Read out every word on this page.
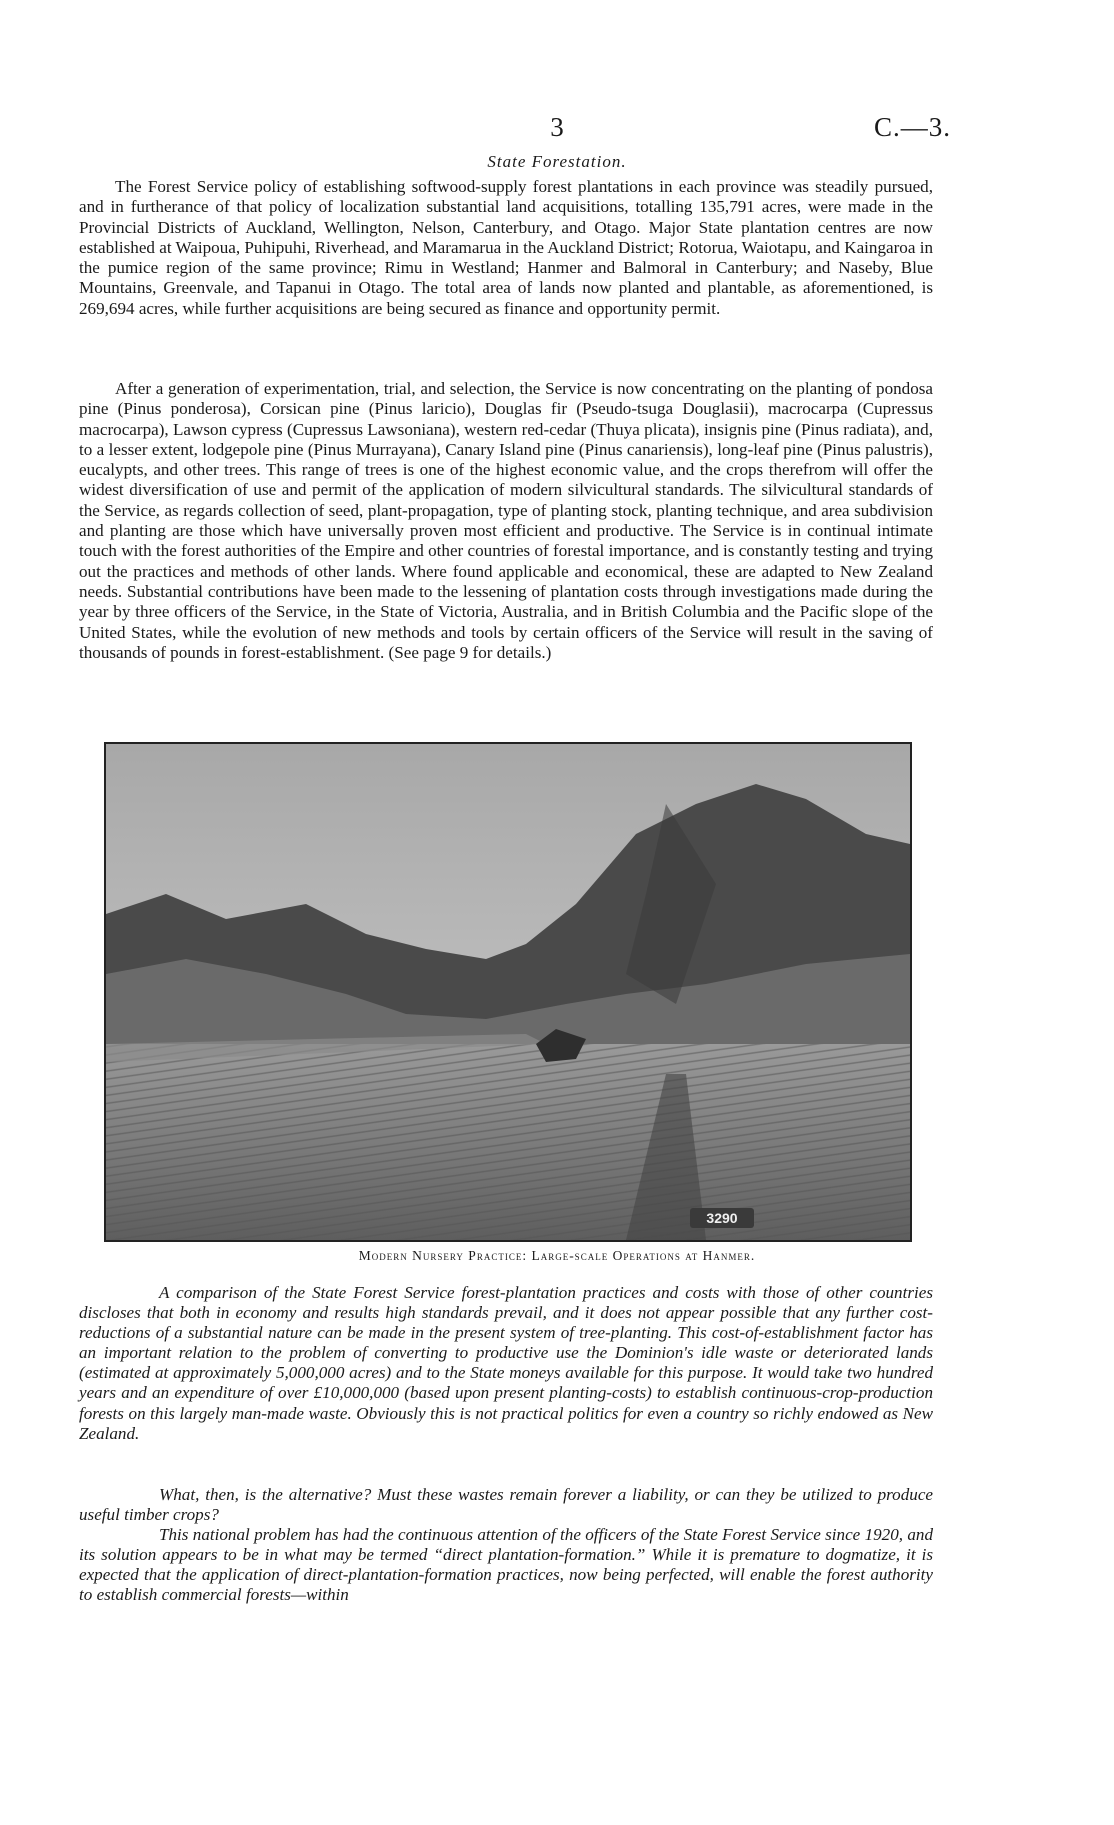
3	C.—3.
State Forestation.

The Forest Service policy of establishing softwood-supply forest plantations in each province was steadily pursued, and in furtherance of that policy of localization substantial land acquisitions, totalling 135,791 acres, were made in the Provincial Districts of Auckland, Wellington, Nelson, Canterbury, and Otago. Major State plantation centres are now established at Waipoua, Puhipuhi, Riverhead, and Maramarua in the Auckland District; Rotorua, Waiotapu, and Kaingaroa in the pumice region of the same province; Rimu in Westland; Hanmer and Balmoral in Canterbury; and Naseby, Blue Mountains, Greenvale, and Tapanui in Otago. The total area of lands now planted and plantable, as aforementioned, is 269,694 acres, while further acquisitions are being secured as finance and opportunity permit.

After a generation of experimentation, trial, and selection, the Service is now concentrating on the planting of pondosa pine (Pinus ponderosa), Corsican pine (Pinus laricio), Douglas fir (Pseudo-tsuga Douglasii), macrocarpa (Cupressus macrocarpa), Lawson cypress (Cupressus Lawsoniana), western red-cedar (Thuya plicata), insignis pine (Pinus radiata), and, to a lesser extent, lodgepole pine (Pinus Murrayana), Canary Island pine (Pinus canariensis), long-leaf pine (Pinus palustris), eucalypts, and other trees. This range of trees is one of the highest economic value, and the crops therefrom will offer the widest diversification of use and permit of the application of modern silvicultural standards. The silvicultural standards of the Service, as regards collection of seed, plant-propagation, type of planting stock, planting technique, and area subdivision and planting are those which have universally proven most efficient and productive. The Service is in continual intimate touch with the forest authorities of the Empire and other countries of forestal importance, and is constantly testing and trying out the practices and methods of other lands. Where found applicable and economical, these are adapted to New Zealand needs. Substantial contributions have been made to the lessening of plantation costs through investigations made during the year by three officers of the Service, in the State of Victoria, Australia, and in British Columbia and the Pacific slope of the United States, while the evolution of new methods and tools by certain officers of the Service will result in the saving of thousands of pounds in forest-establishment. (See page 9 for details.)

3290
Modern Nursery Practice: Large-scale Operations at Hanmer.

A comparison of the State Forest Service forest-plantation practices and costs with those of other countries discloses that both in economy and results high standards prevail, and it does not appear possible that any further cost-reductions of a substantial nature can be made in the present system of tree-planting. This cost-of-establishment factor has an important relation to the problem of converting to productive use the Dominion's idle waste or deteriorated lands (estimated at approximately 5,000,000 acres) and to the State moneys available for this purpose. It would take two hundred years and an expenditure of over £10,000,000 (based upon present planting-costs) to establish continuous-crop-production forests on this largely man-made waste. Obviously this is not practical politics for even a country so richly endowed as New Zealand.

What, then, is the alternative? Must these wastes remain forever a liability, or can they be utilized to produce useful timber crops?

This national problem has had the continuous attention of the officers of the State Forest Service since 1920, and its solution appears to be in what may be termed “direct plantation-formation.” While it is premature to dogmatize, it is expected that the application of direct-plantation-formation practices, now being perfected, will enable the forest authority to establish commercial forests—within
